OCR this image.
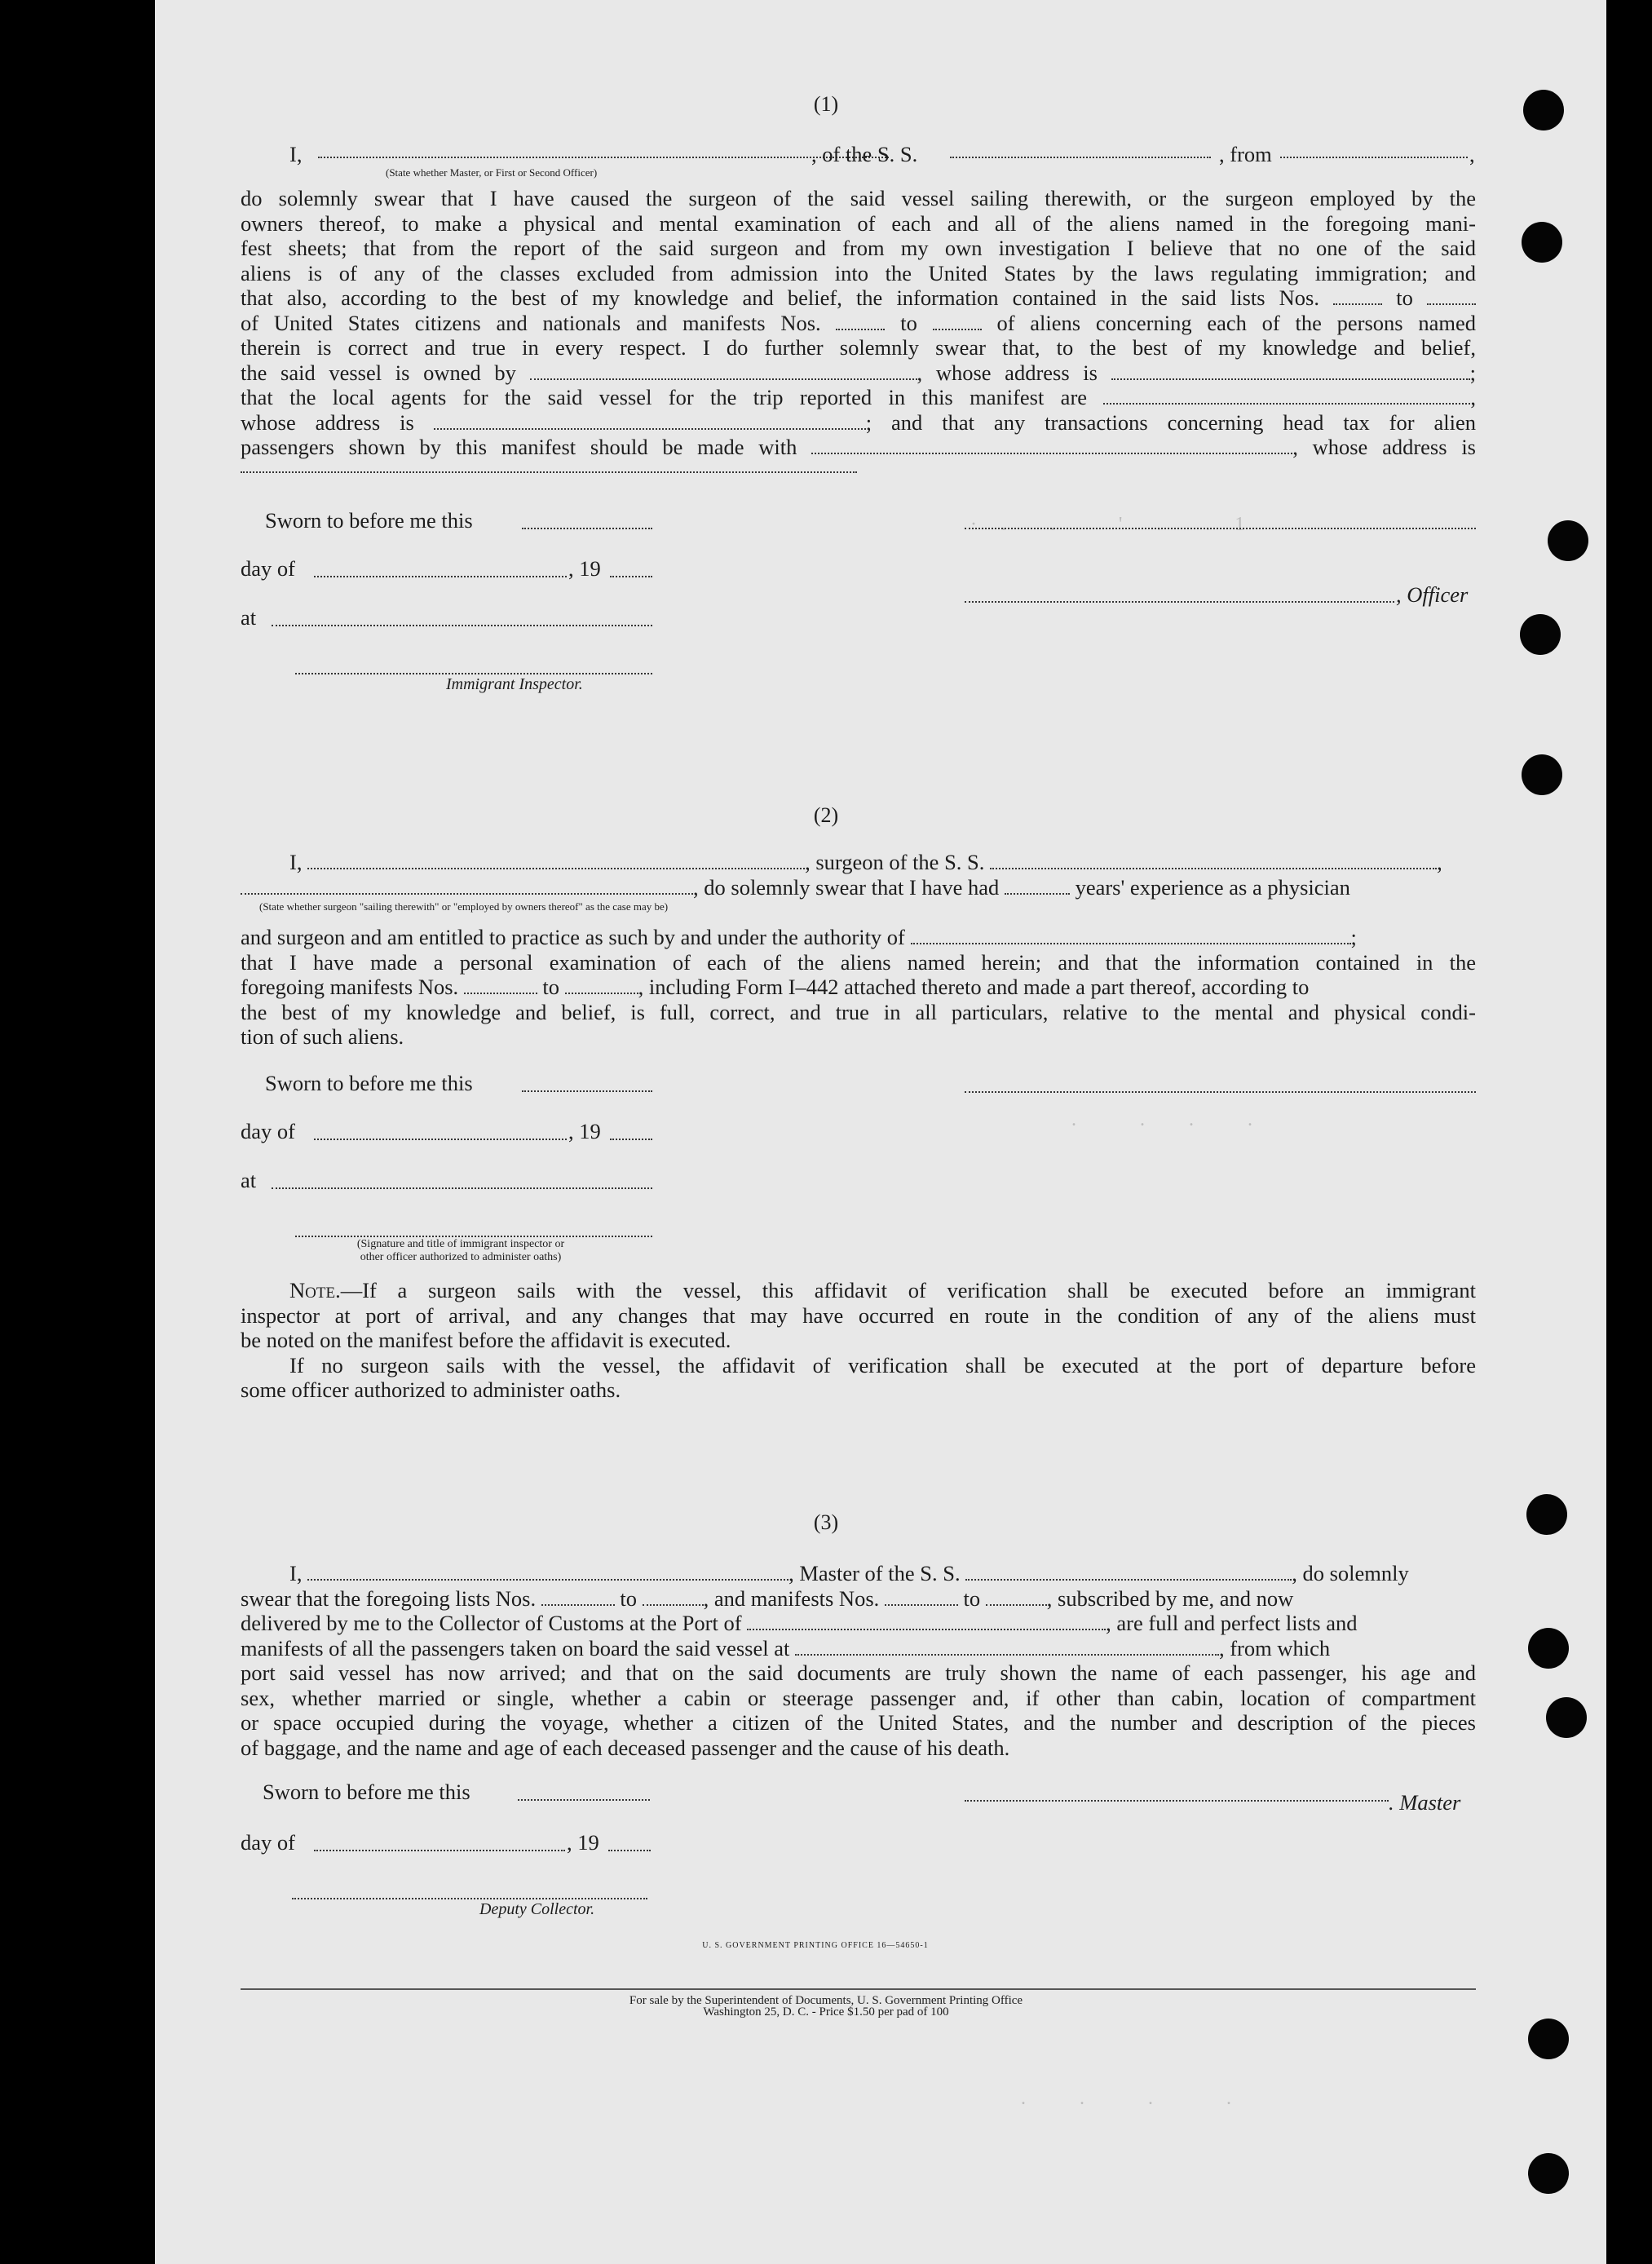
·     .         .             '       .         .     1
.             .         .           .
.           .             .               .
(1)
I,	, of the S. S.	, from	,

(State whether Master, or First or Second Officer)
do solemnly swear that I have caused the surgeon of the said vessel sailing therewith, or the surgeon employed by the
owners thereof, to make a physical and mental examination of each and all of the aliens named in the foregoing mani-
fest sheets; that from the report of the said surgeon and from my own investigation I believe that no one of the said
aliens is of any of the classes excluded from admission into the United States by the laws regulating immigration; and
that also, according to the best of my knowledge and belief, the information contained in the said lists Nos.	to
of United States citizens and nationals and manifests Nos.	to	of aliens concerning each of the persons named
therein is correct and true in every respect. I do further solemnly swear that, to the best of my knowledge and belief,
the said vessel is owned by	, whose address is	;
that the local agents for the said vessel for the trip reported in this manifest are	,
whose address is	; and that any transactions concerning head tax for alien
passengers shown by this manifest should be made with	, whose address is
Sworn to before me this
day of	, 19
at
Immigrant Inspector.
, Officer
(2)
I,	, surgeon of the S. S.	,
, do solemnly swear that I have had	years' experience as a physician
(State whether surgeon "sailing therewith" or "employed by owners thereof" as the case may be)
and surgeon and am entitled to practice as such by and under the authority of	;
that I have made a personal examination of each of the aliens named herein; and that the information contained in the
foregoing manifests Nos.	to	, including Form I–442 attached thereto and made a part thereof, according to
the best of my knowledge and belief, is full, correct, and true in all particulars, relative to the mental and physical condi-
tion of such aliens.
Sworn to before me this
day of	, 19
at
(Signature and title of immigrant inspector or
other officer authorized to administer oaths)
Note.—If a surgeon sails with the vessel, this affidavit of verification shall be executed before an immigrant
inspector at port of arrival, and any changes that may have occurred en route in the condition of any of the aliens must
be noted on the manifest before the affidavit is executed.
If no surgeon sails with the vessel, the affidavit of verification shall be executed at the port of departure before
some officer authorized to administer oaths.
(3)
I,	, Master of the S. S.	, do solemnly
swear that the foregoing lists Nos.	to	, and manifests Nos.	to	, subscribed by me, and now
delivered by me to the Collector of Customs at the Port of	, are full and perfect lists and
manifests of all the passengers taken on board the said vessel at	, from which
port said vessel has now arrived; and that on the said documents are truly shown the name of each passenger, his age and
sex, whether married or single, whether a cabin or steerage passenger and, if other than cabin, location of compartment
or space occupied during the voyage, whether a citizen of the United States, and the number and description of the pieces
of baggage, and the name and age of each deceased passenger and the cause of his death.
Sworn to before me this
day of	, 19
Deputy Collector.
. Master
U. S. GOVERNMENT PRINTING OFFICE 16—54650-1
For sale by the Superintendent of Documents, U. S. Government Printing Office
Washington 25, D. C. - Price $1.50 per pad of 100
